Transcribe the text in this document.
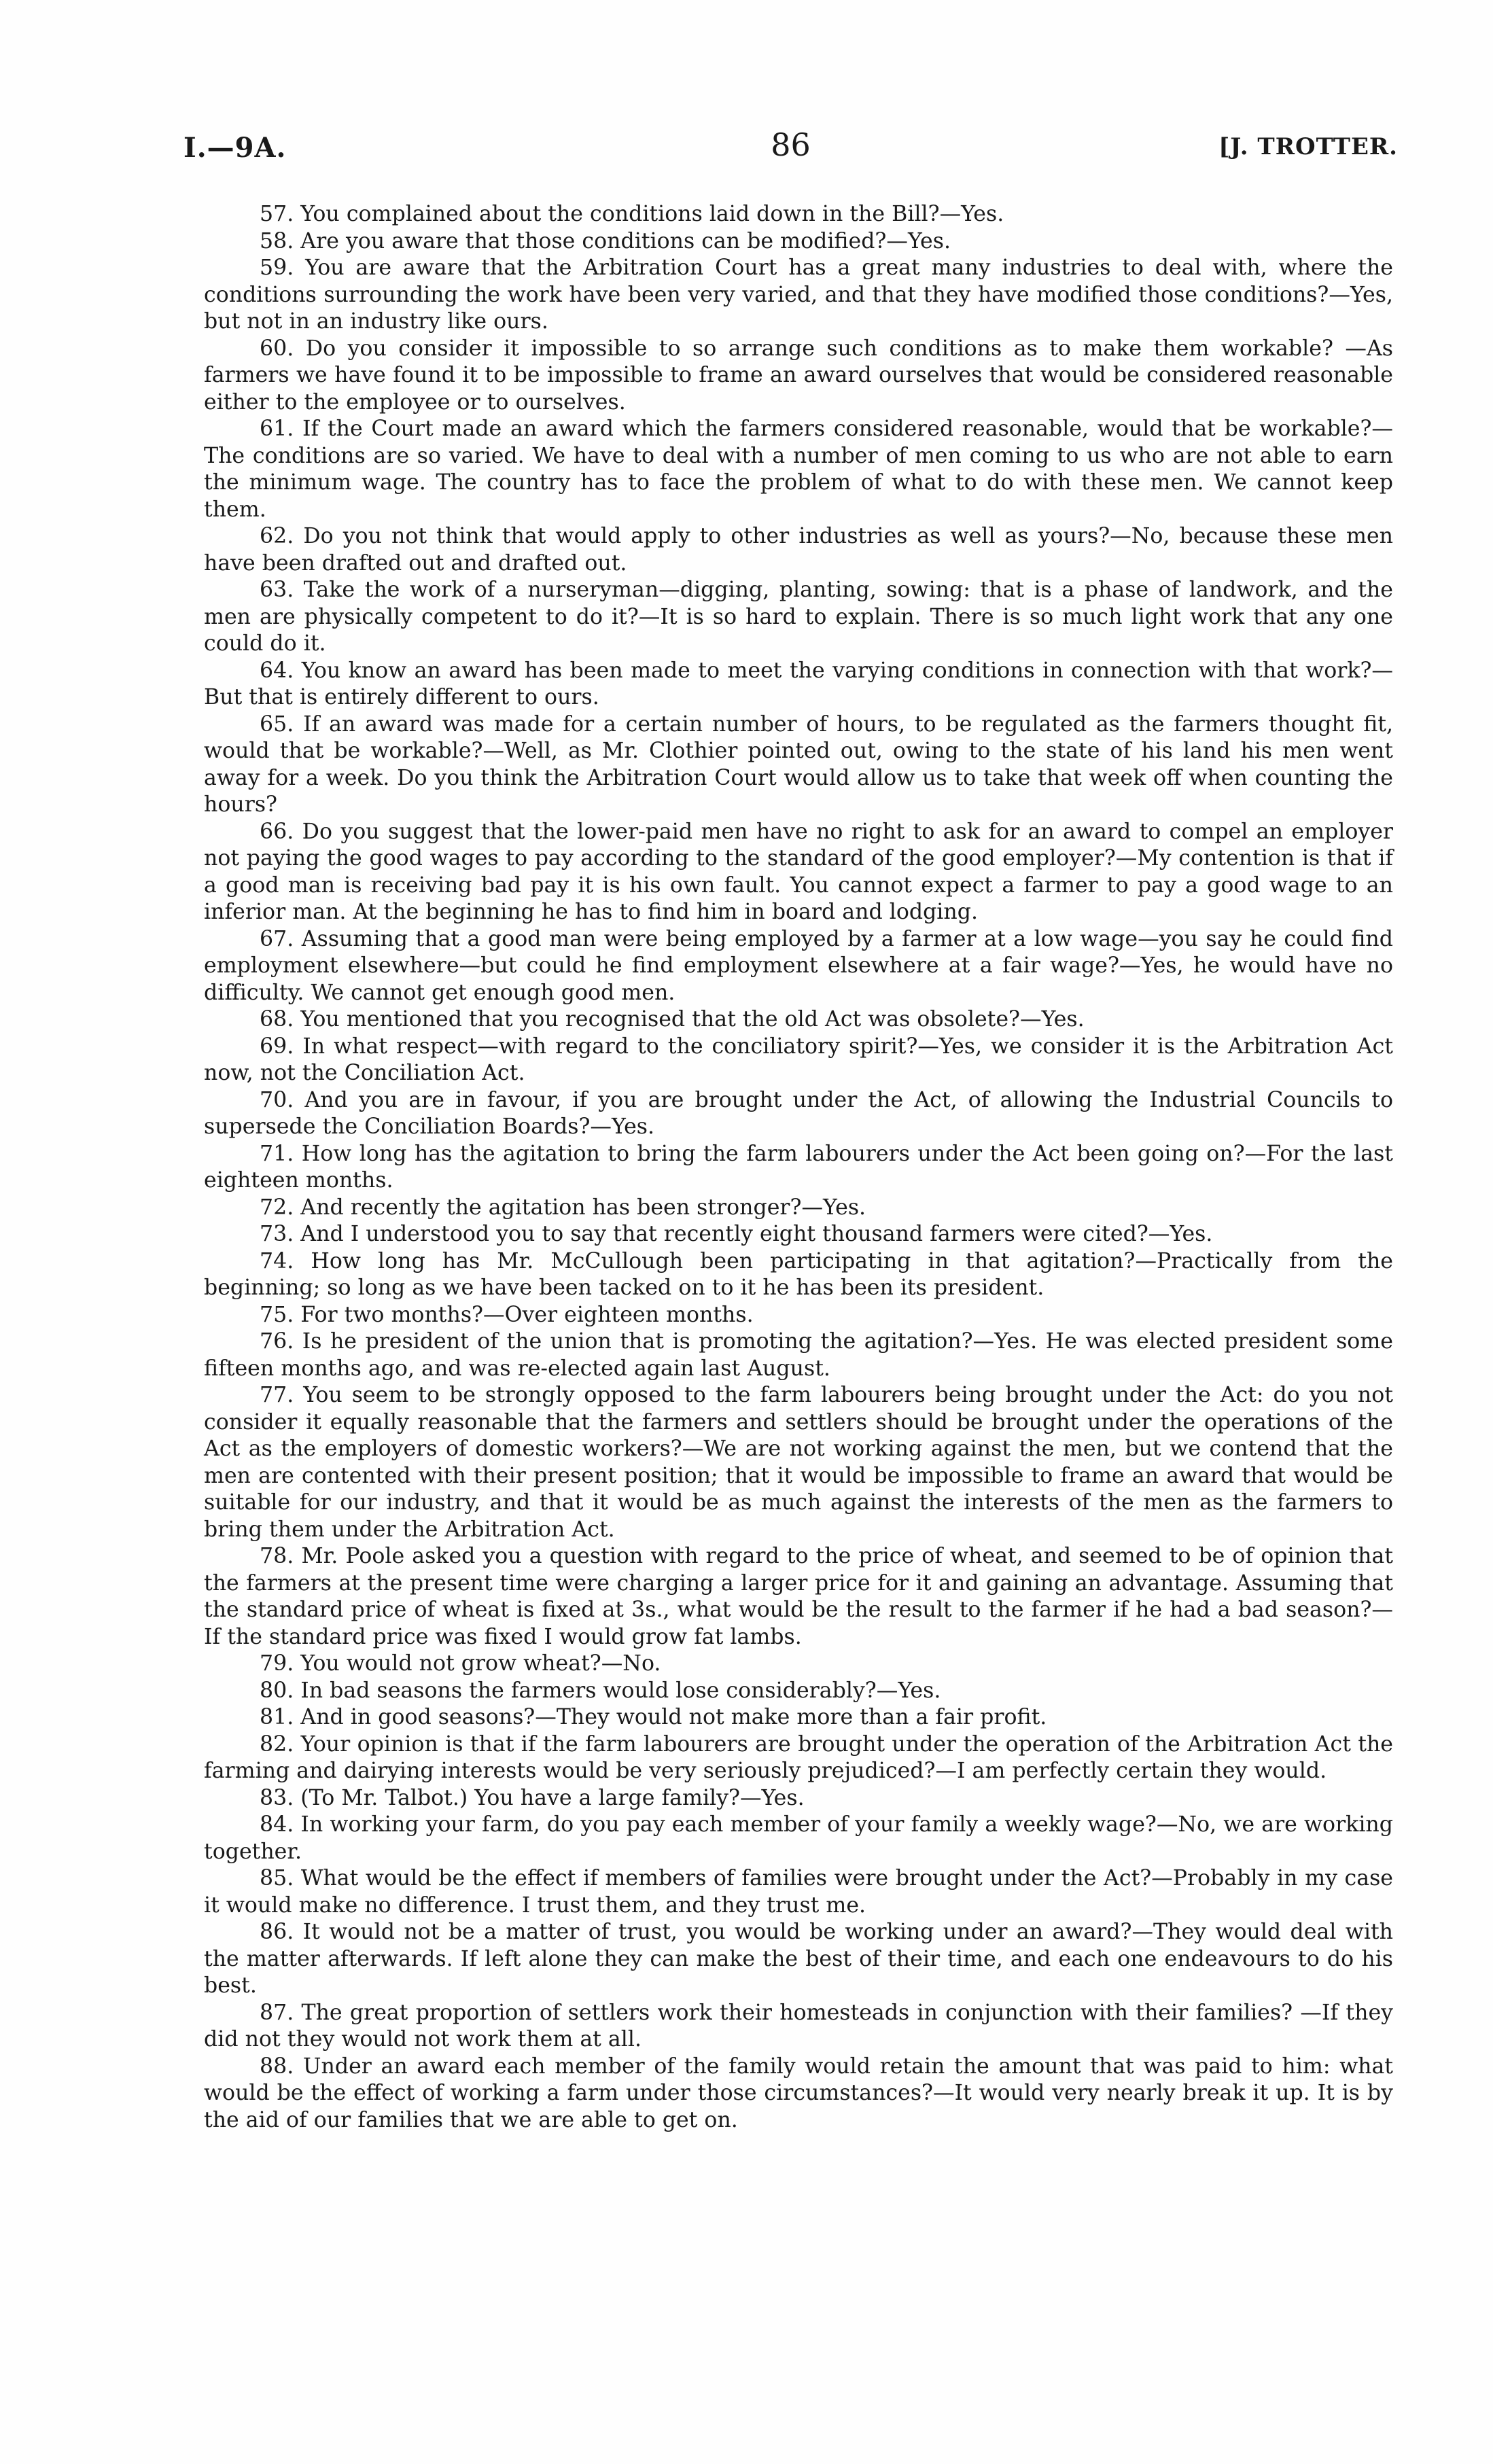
I.—9A.	86	[J. TROTTER.

57. You complained about the conditions laid down in the Bill?—Yes.

58. Are you aware that those conditions can be modified?—Yes.

59. You are aware that the Arbitration Court has a great many industries to deal with, where the conditions surrounding the work have been very varied, and that they have modified those conditions?—Yes, but not in an industry like ours.

60. Do you consider it impossible to so arrange such conditions as to make them workable? —As farmers we have found it to be impossible to frame an award ourselves that would be considered reasonable either to the employee or to ourselves.

61. If the Court made an award which the farmers considered reasonable, would that be workable?—The conditions are so varied. We have to deal with a number of men coming to us who are not able to earn the minimum wage. The country has to face the problem of what to do with these men. We cannot keep them.

62. Do you not think that would apply to other industries as well as yours?—No, because these men have been drafted out and drafted out.

63. Take the work of a nurseryman—digging, planting, sowing: that is a phase of landwork, and the men are physically competent to do it?—It is so hard to explain. There is so much light work that any one could do it.

64. You know an award has been made to meet the varying conditions in connection with that work?—But that is entirely different to ours.

65. If an award was made for a certain number of hours, to be regulated as the farmers thought fit, would that be workable?—Well, as Mr. Clothier pointed out, owing to the state of his land his men went away for a week. Do you think the Arbitration Court would allow us to take that week off when counting the hours?

66. Do you suggest that the lower-paid men have no right to ask for an award to compel an employer not paying the good wages to pay according to the standard of the good employer?—My contention is that if a good man is receiving bad pay it is his own fault. You cannot expect a farmer to pay a good wage to an inferior man. At the beginning he has to find him in board and lodging.

67. Assuming that a good man were being employed by a farmer at a low wage—you say he could find employment elsewhere—but could he find employment elsewhere at a fair wage?—Yes, he would have no difficulty. We cannot get enough good men.

68. You mentioned that you recognised that the old Act was obsolete?—Yes.

69. In what respect—with regard to the conciliatory spirit?—Yes, we consider it is the Arbitration Act now, not the Conciliation Act.

70. And you are in favour, if you are brought under the Act, of allowing the Industrial Councils to supersede the Conciliation Boards?—Yes.

71. How long has the agitation to bring the farm labourers under the Act been going on?—For the last eighteen months.

72. And recently the agitation has been stronger?—Yes.

73. And I understood you to say that recently eight thousand farmers were cited?—Yes.

74. How long has Mr. McCullough been participating in that agitation?—Practically from the beginning; so long as we have been tacked on to it he has been its president.

75. For two months?—Over eighteen months.

76. Is he president of the union that is promoting the agitation?—Yes. He was elected president some fifteen months ago, and was re-elected again last August.

77. You seem to be strongly opposed to the farm labourers being brought under the Act: do you not consider it equally reasonable that the farmers and settlers should be brought under the operations of the Act as the employers of domestic workers?—We are not working against the men, but we contend that the men are contented with their present position; that it would be impossible to frame an award that would be suitable for our industry, and that it would be as much against the interests of the men as the farmers to bring them under the Arbitration Act.

78. Mr. Poole asked you a question with regard to the price of wheat, and seemed to be of opinion that the farmers at the present time were charging a larger price for it and gaining an advantage. Assuming that the standard price of wheat is fixed at 3s., what would be the result to the farmer if he had a bad season?—If the standard price was fixed I would grow fat lambs.

79. You would not grow wheat?—No.

80. In bad seasons the farmers would lose considerably?—Yes.

81. And in good seasons?—They would not make more than a fair profit.

82. Your opinion is that if the farm labourers are brought under the operation of the Arbitration Act the farming and dairying interests would be very seriously prejudiced?—I am perfectly certain they would.

83. (To Mr. Talbot.) You have a large family?—Yes.

84. In working your farm, do you pay each member of your family a weekly wage?—No, we are working together.

85. What would be the effect if members of families were brought under the Act?—Probably in my case it would make no difference. I trust them, and they trust me.

86. It would not be a matter of trust, you would be working under an award?—They would deal with the matter afterwards. If left alone they can make the best of their time, and each one endeavours to do his best.

87. The great proportion of settlers work their homesteads in conjunction with their families? —If they did not they would not work them at all.

88. Under an award each member of the family would retain the amount that was paid to him: what would be the effect of working a farm under those circumstances?—It would very nearly break it up. It is by the aid of our families that we are able to get on.
